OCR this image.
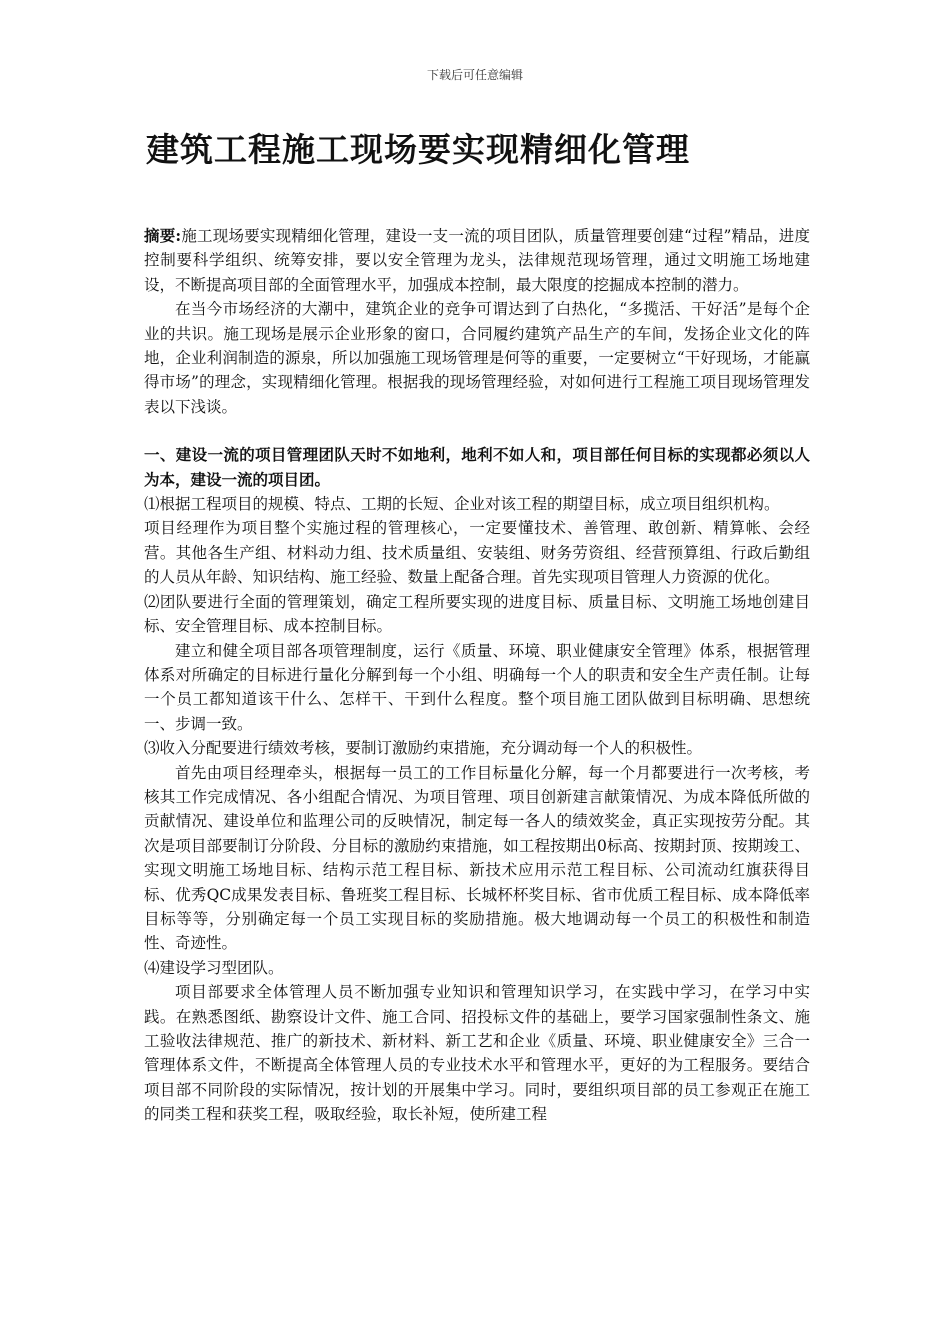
下载后可任意编辑
建筑工程施工现场要实现精细化管理

摘要:施工现场要实现精细化管理，建设一支一流的项目团队，质量管理要创建“过程”精品，进度控制要科学组织、统筹安排，要以安全管理为龙头，法律规范现场管理，通过文明施工场地建设，不断提高项目部的全面管理水平，加强成本控制，最大限度的挖掘成本控制的潜力。

在当今市场经济的大潮中，建筑企业的竞争可谓达到了白热化，“多揽活、干好活”是每个企业的共识。施工现场是展示企业形象的窗口，合同履约建筑产品生产的车间，发扬企业文化的阵地，企业利润制造的源泉，所以加强施工现场管理是何等的重要，一定要树立“干好现场，才能赢得市场”的理念，实现精细化管理。根据我的现场管理经验，对如何进行工程施工项目现场管理发表以下浅谈。

一、建设一流的项目管理团队天时不如地利，地利不如人和，项目部任何目标的实现都必须以人为本，建设一流的项目团。

⑴根据工程项目的规模、特点、工期的长短、企业对该工程的期望目标，成立项目组织机构。

项目经理作为项目整个实施过程的管理核心，一定要懂技术、善管理、敢创新、精算帐、会经营。其他各生产组、材料动力组、技术质量组、安装组、财务劳资组、经营预算组、行政后勤组的人员从年龄、知识结构、施工经验、数量上配备合理。首先实现项目管理人力资源的优化。

⑵团队要进行全面的管理策划，确定工程所要实现的进度目标、质量目标、文明施工场地创建目标、安全管理目标、成本控制目标。

建立和健全项目部各项管理制度，运行《质量、环境、职业健康安全管理》体系，根据管理体系对所确定的目标进行量化分解到每一个小组、明确每一个人的职责和安全生产责任制。让每一个员工都知道该干什么、怎样干、干到什么程度。整个项目施工团队做到目标明确、思想统一、步调一致。

⑶收入分配要进行绩效考核，要制订激励约束措施，充分调动每一个人的积极性。

首先由项目经理牵头，根据每一员工的工作目标量化分解，每一个月都要进行一次考核，考核其工作完成情况、各小组配合情况、为项目管理、项目创新建言献策情况、为成本降低所做的贡献情况、建设单位和监理公司的反映情况，制定每一各人的绩效奖金，真正实现按劳分配。其次是项目部要制订分阶段、分目标的激励约束措施，如工程按期出0标高、按期封顶、按期竣工、实现文明施工场地目标、结构示范工程目标、新技术应用示范工程目标、公司流动红旗获得目标、优秀QC成果发表目标、鲁班奖工程目标、长城杯杯奖目标、省市优质工程目标、成本降低率目标等等，分别确定每一个员工实现目标的奖励措施。极大地调动每一个员工的积极性和制造性、奇迹性。

⑷建设学习型团队。

项目部要求全体管理人员不断加强专业知识和管理知识学习，在实践中学习，在学习中实践。在熟悉图纸、勘察设计文件、施工合同、招投标文件的基础上，要学习国家强制性条文、施工验收法律规范、推广的新技术、新材料、新工艺和企业《质量、环境、职业健康安全》三合一管理体系文件，不断提高全体管理人员的专业技术水平和管理水平，更好的为工程服务。要结合项目部不同阶段的实际情况，按计划的开展集中学习。同时，要组织项目部的员工参观正在施工的同类工程和获奖工程，吸取经验，取长补短，使所建工程
